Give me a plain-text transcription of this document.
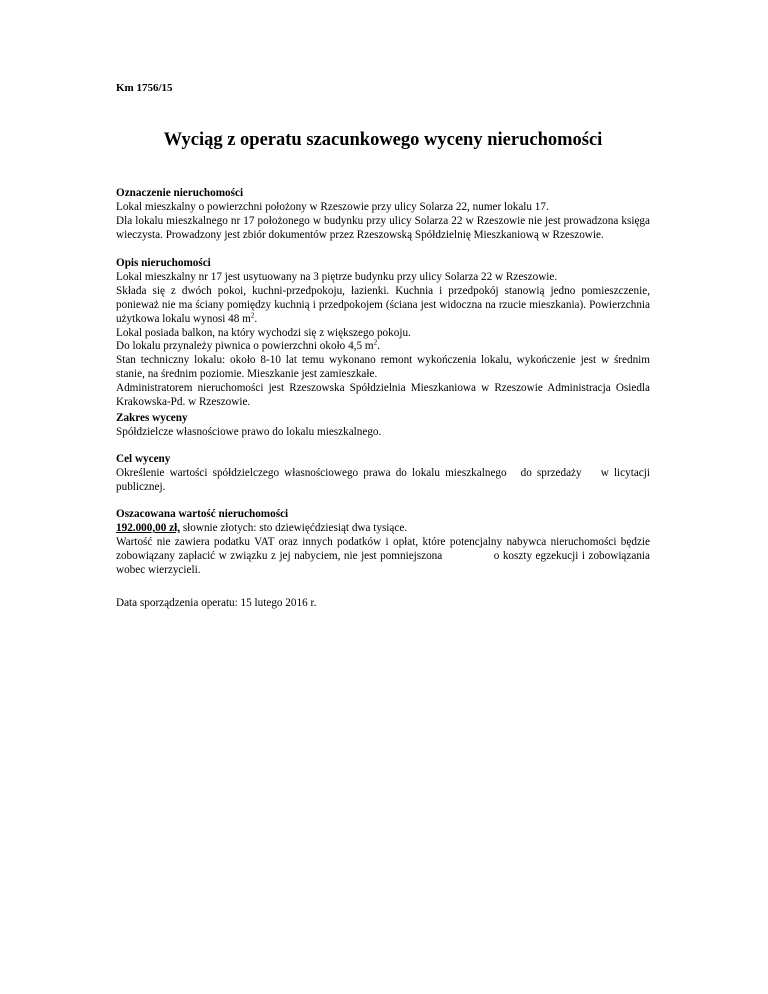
Km 1756/15
Wyciąg z operatu szacunkowego wyceny nieruchomości
Oznaczenie nieruchomości

Lokal mieszkalny o powierzchni położony w Rzeszowie przy ulicy Solarza 22, numer lokalu 17.

Dla lokalu mieszkalnego nr 17 położonego w budynku przy ulicy Solarza 22 w Rzeszowie nie jest prowadzona księga wieczysta. Prowadzony jest zbiór dokumentów przez Rzeszowską Spółdzielnię Mieszkaniową w Rzeszowie.

Opis nieruchomości

Lokal mieszkalny nr 17 jest usytuowany na 3 piętrze budynku przy ulicy Solarza 22 w Rzeszowie.

Składa się z dwóch pokoi, kuchni-przedpokoju, łazienki. Kuchnia i przedpokój stanowią jedno pomieszczenie, ponieważ nie ma ściany pomiędzy kuchnią i przedpokojem (ściana jest widoczna na rzucie mieszkania). Powierzchnia użytkowa lokalu wynosi 48 $m^2$.

Lokal posiada balkon, na który wychodzi się z większego pokoju.

Do lokalu przynależy piwnica o powierzchni około 4,5 $m^2$.

Stan techniczny lokalu: około 8-10 lat temu wykonano remont wykończenia lokalu, wykończenie jest w średnim stanie, na średnim poziomie. Mieszkanie jest zamieszkałe.

Administratorem nieruchomości jest Rzeszowska Spółdzielnia Mieszkaniowa w Rzeszowie Administracja Osiedla Krakowska-Pd. w Rzeszowie.

Zakres wyceny

Spółdzielcze własnościowe prawo do lokalu mieszkalnego.

Cel wyceny

Określenie wartości spółdzielczego własnościowego prawa do lokalu mieszkalnego do sprzedaży w licytacji publicznej.

Oszacowana wartość nieruchomości

192.000,00 zł, słownie złotych: sto dziewięćdziesiąt dwa tysiące.

Wartość nie zawiera podatku VAT oraz innych podatków i opłat, które potencjalny nabywca nieruchomości będzie zobowiązany zapłacić w związku z jej nabyciem, nie jest pomniejszona	o koszty egzekucji i zobowiązania wobec wierzycieli.

Data sporządzenia operatu: 15 lutego 2016 r.
